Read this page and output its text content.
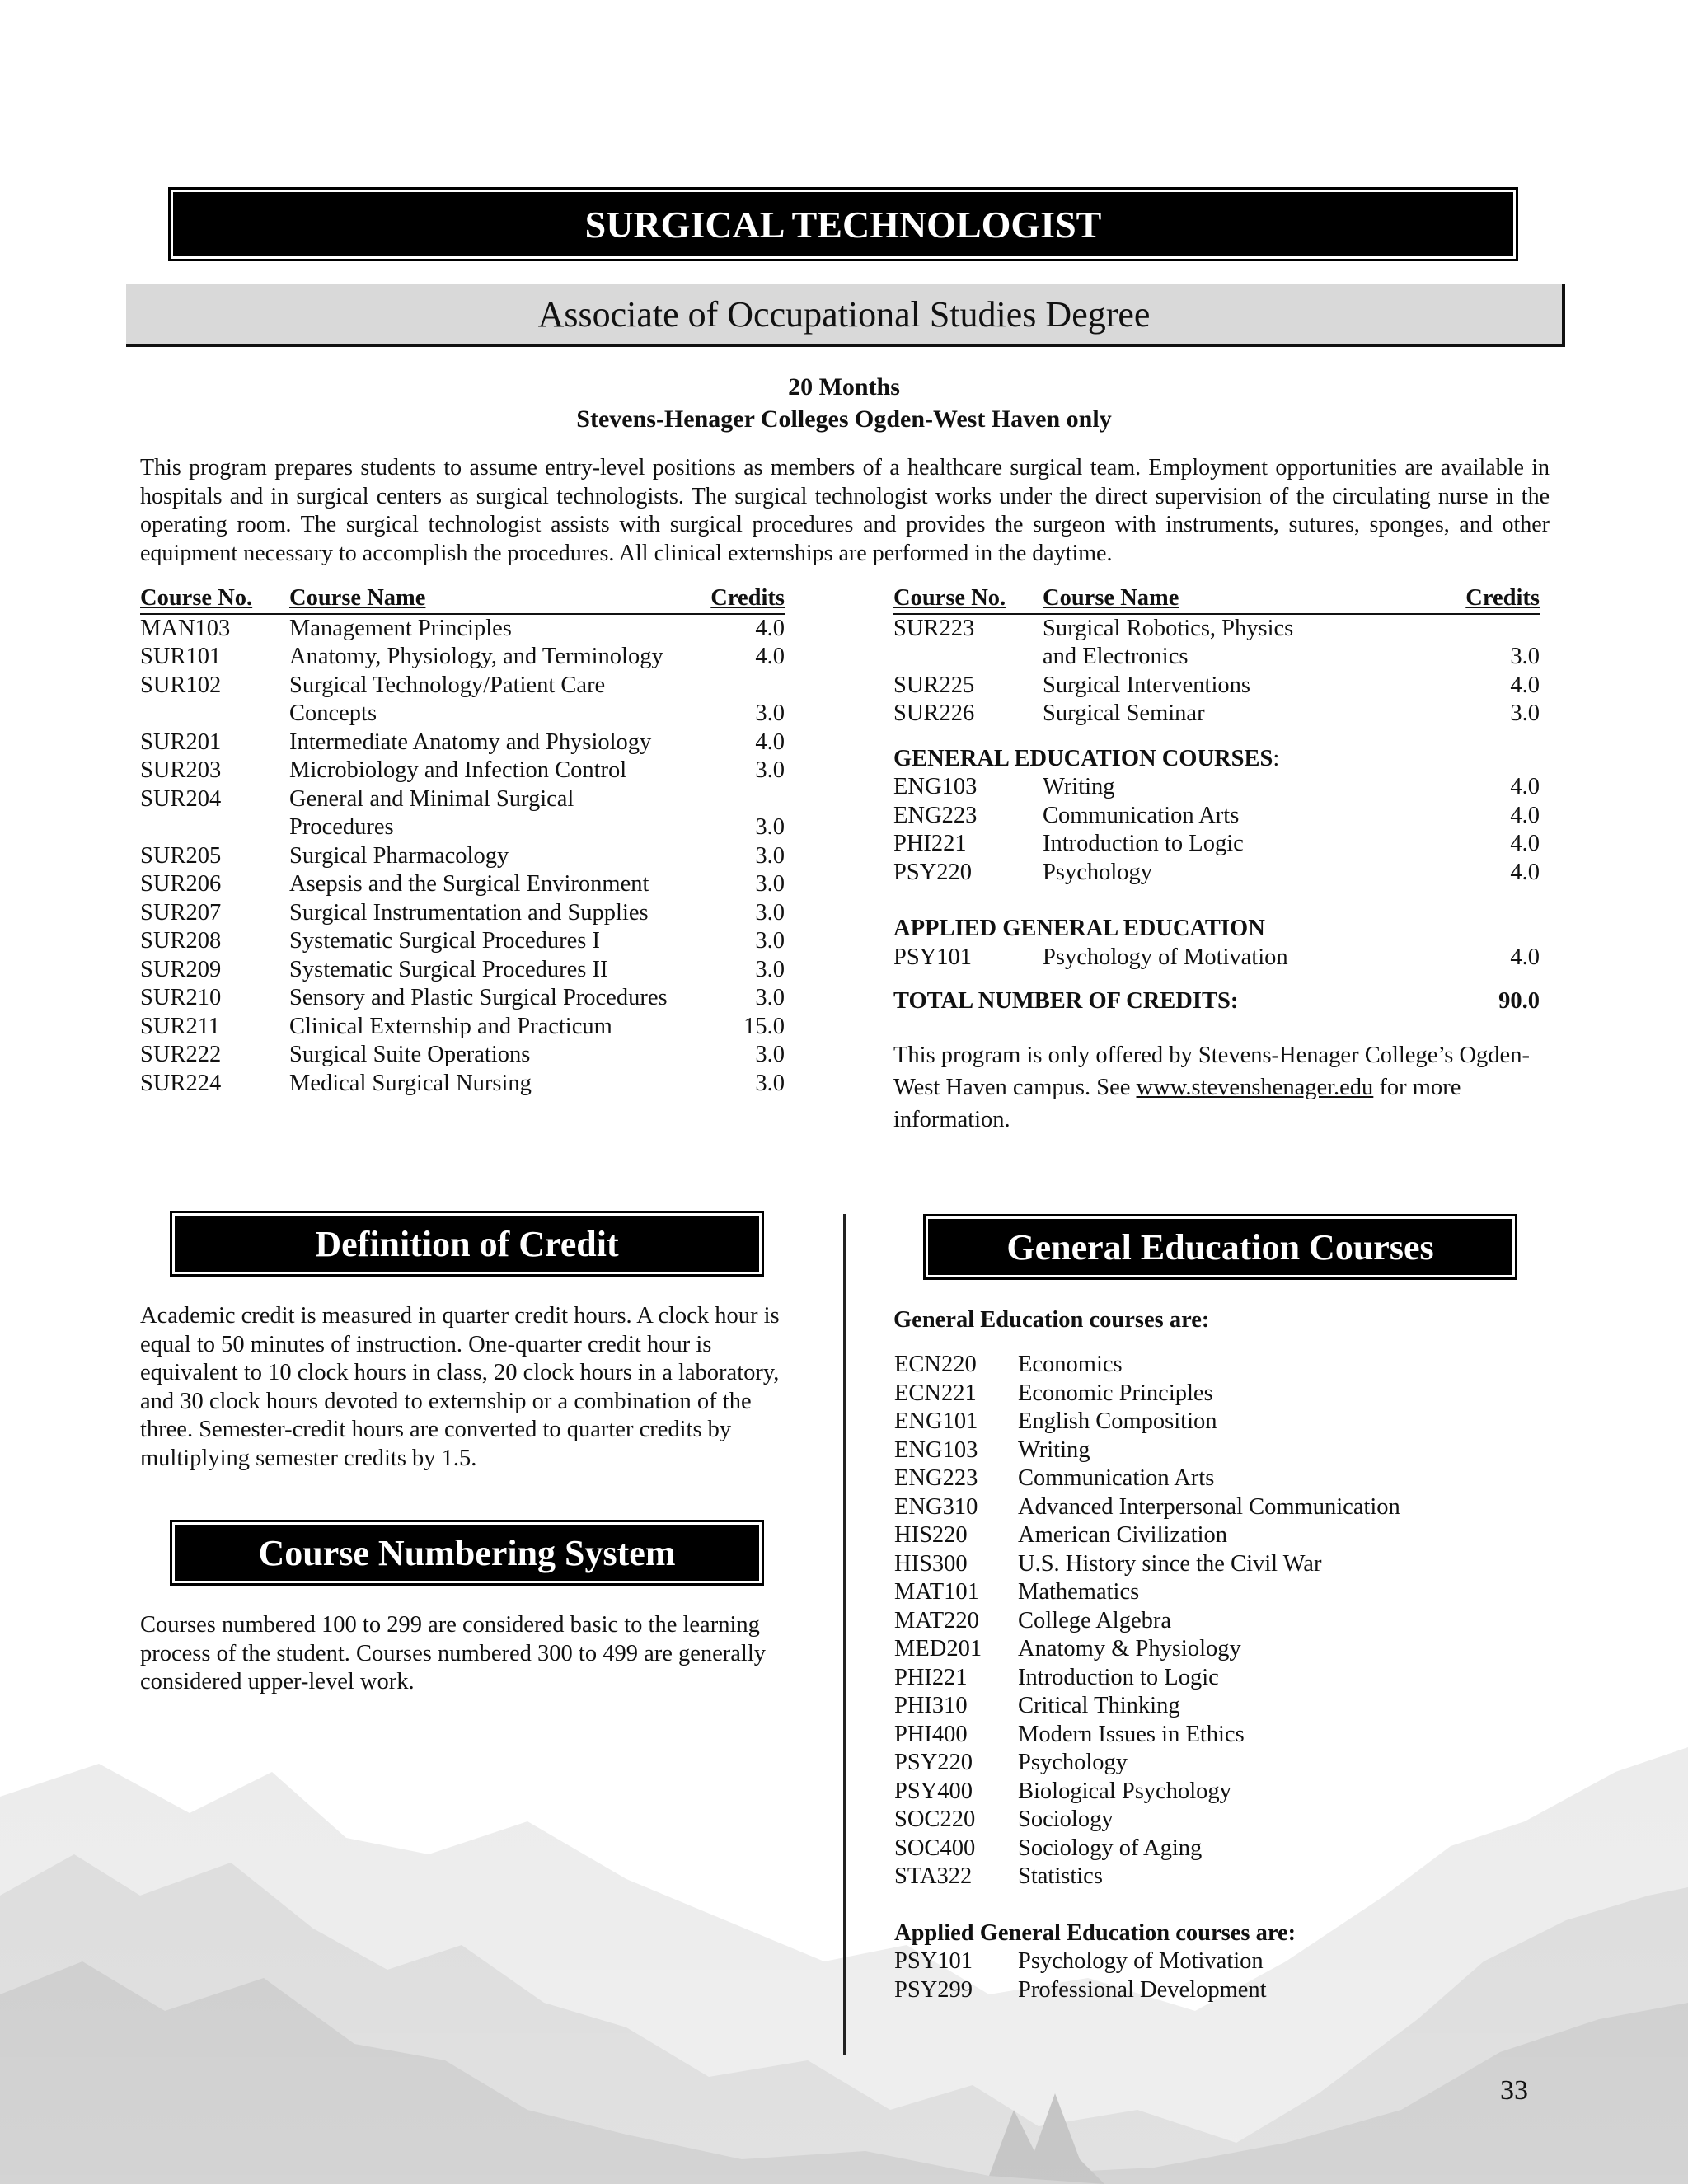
SURGICAL TECHNOLOGIST
Associate of Occupational Studies Degree
20 Months
Stevens-Henager Colleges Ogden-West Haven only
This program prepares students to assume entry-level positions as members of a healthcare surgical team. Employment opportunities are available in hospitals and in surgical centers as surgical technologists. The surgical technologist works under the direct supervision of the circulating nurse in the operating room. The surgical technologist assists with surgical procedures and provides the surgeon with instruments, sutures, sponges, and other equipment necessary to accomplish the procedures. All clinical externships are performed in the daytime.
Course No.	Course Name	Credits
MAN103	Management Principles	4.0
SUR101	Anatomy, Physiology, and Terminology	4.0
SUR102	Surgical Technology/Patient Care	
	Concepts	3.0
SUR201	Intermediate Anatomy and Physiology	4.0
SUR203	Microbiology and Infection Control	3.0
SUR204	General and Minimal Surgical	
	Procedures	3.0
SUR205	Surgical Pharmacology	3.0
SUR206	Asepsis and the Surgical Environment	3.0
SUR207	Surgical Instrumentation and Supplies	3.0
SUR208	Systematic Surgical Procedures I	3.0
SUR209	Systematic Surgical Procedures II	3.0
SUR210	Sensory and Plastic Surgical Procedures	3.0
SUR211	Clinical Externship and Practicum	15.0
SUR222	Surgical Suite Operations	3.0
SUR224	Medical Surgical Nursing	3.0
Course No.	Course Name	Credits
SUR223	Surgical Robotics, Physics	
	and Electronics	3.0
SUR225	Surgical Interventions	4.0
SUR226	Surgical Seminar	3.0
GENERAL EDUCATION COURSES:
ENG103	Writing	4.0
ENG223	Communication Arts	4.0
PHI221	Introduction to Logic	4.0
PSY220	Psychology	4.0
APPLIED GENERAL EDUCATION
PSY101	Psychology of Motivation	4.0
TOTAL NUMBER OF CREDITS:	90.0
This program is only offered by Stevens-Henager College’s Ogden-West Haven campus. See www.stevenshenager.edu for more information.
Definition of Credit
Academic credit is measured in quarter credit hours. A clock hour is equal to 50 minutes of instruction. One-quarter credit hour is equivalent to 10 clock hours in class, 20 clock hours in a laboratory, and 30 clock hours devoted to externship or a combination of the three. Semester-credit hours are converted to quarter credits by multiplying semester credits by 1.5.
Course Numbering System
Courses numbered 100 to 299 are considered basic to the learning process of the student. Courses numbered 300 to 499 are generally considered upper-level work.
General Education Courses
General Education courses are:
ECN220	Economics
ECN221	Economic Principles
ENG101	English Composition
ENG103	Writing
ENG223	Communication Arts
ENG310	Advanced Interpersonal Communication
HIS220	American Civilization
HIS300	U.S. History since the Civil War
MAT101	Mathematics
MAT220	College Algebra
MED201	Anatomy & Physiology
PHI221	Introduction to Logic
PHI310	Critical Thinking
PHI400	Modern Issues in Ethics
PSY220	Psychology
PSY400	Biological Psychology
SOC220	Sociology
SOC400	Sociology of Aging
STA322	Statistics
Applied General Education courses are:
PSY101	Psychology of Motivation
PSY299	Professional Development
33
